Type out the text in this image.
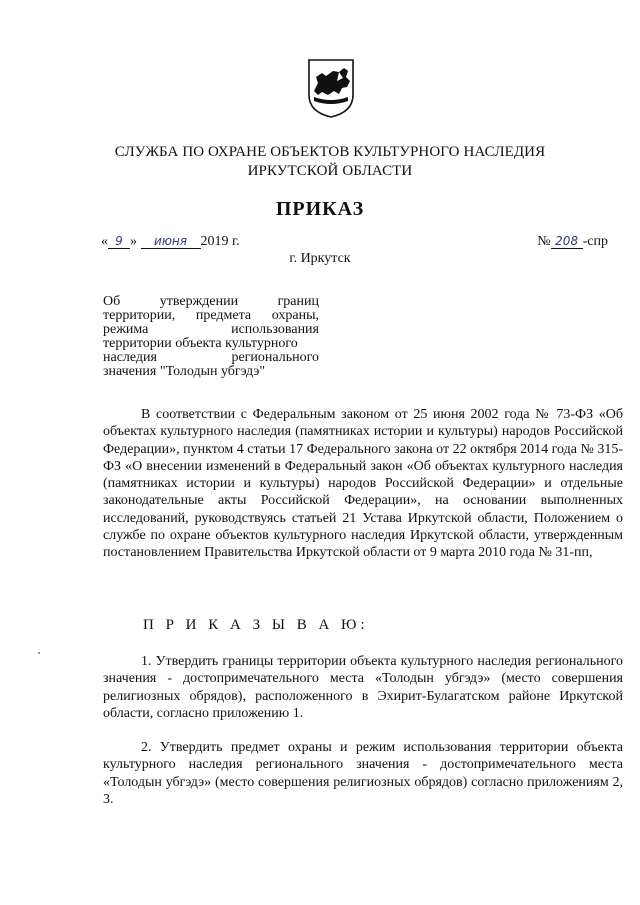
СЛУЖБА ПО ОХРАНЕ ОБЪЕКТОВ КУЛЬТУРНОГО НАСЛЕДИЯ
ИРКУТСКОЙ ОБЛАСТИ
ПРИКАЗ
« 9 » июня 2019 г.	№ 208 -спр
г. Иркутск
Об утверждении границ
территории, предмета охраны,
режима использования
территории объекта культурного
наследия регионального
значения "Толодын убгэдэ"
В соответствии с Федеральным законом от 25 июня 2002 года № 73-ФЗ «Об объектах культурного наследия (памятниках истории и культуры) народов Российской Федерации», пунктом 4 статьи 17 Федерального закона от 22 октября 2014 года № 315-ФЗ «О внесении изменений в Федеральный закон «Об объектах культурного наследия (памятниках истории и культуры) народов Российской Федерации» и отдельные законодательные акты Российской Федерации», на основании выполненных исследований, руководствуясь статьей 21 Устава Иркутской области, Положением о службе по охране объектов культурного наследия Иркутской области, утвержденным постановлением Правительства Иркутской области от 9 марта 2010 года № 31-пп,
П Р И К А З Ы В А Ю:
1. Утвердить границы территории объекта культурного наследия регионального значения - достопримечательного места «Толодын убгэдэ» (место совершения религиозных обрядов), расположенного в Эхирит-Булагатском районе Иркутской области, согласно приложению 1.
2. Утвердить предмет охраны и режим использования территории объекта культурного наследия регионального значения - достопримечательного места «Толодын убгэдэ» (место совершения религиозных обрядов) согласно приложениям 2, 3.
